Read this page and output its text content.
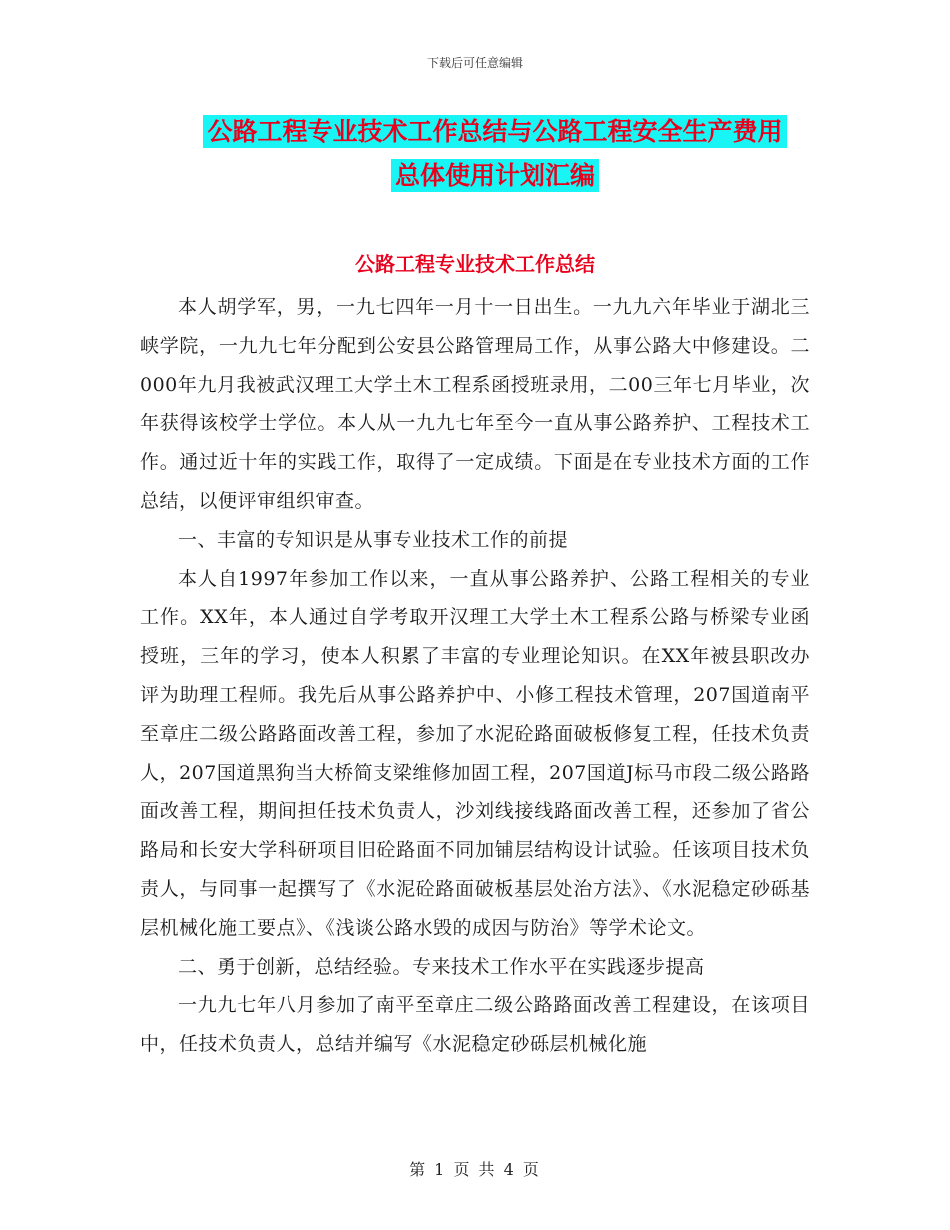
下载后可任意编辑
公路工程专业技术工作总结与公路工程安全生产费用
总体使用计划汇编
公路工程专业技术工作总结

本人胡学军，男，一九七四年一月十一日出生。一九九六年毕业于湖北三峡学院，一九九七年分配到公安县公路管理局工作，从事公路大中修建设。二000年九月我被武汉理工大学土木工程系函授班录用，二00三年七月毕业，次年获得该校学士学位。本人从一九九七年至今一直从事公路养护、工程技术工作。通过近十年的实践工作，取得了一定成绩。下面是在专业技术方面的工作总结，以便评审组织审查。

一、丰富的专知识是从事专业技术工作的前提

本人自1997年参加工作以来，一直从事公路养护、公路工程相关的专业工作。XX年，本人通过自学考取开汉理工大学土木工程系公路与桥梁专业函授班，三年的学习，使本人积累了丰富的专业理论知识。在XX年被县职改办评为助理工程师。我先后从事公路养护中、小修工程技术管理，207国道南平至章庄二级公路路面改善工程，参加了水泥砼路面破板修复工程，任技术负责人，207国道黑狗当大桥简支梁维修加固工程，207国道J标马市段二级公路路面改善工程，期间担任技术负责人，沙刘线接线路面改善工程，还参加了省公路局和长安大学科研项目旧砼路面不同加铺层结构设计试验。任该项目技术负责人，与同事一起撰写了《水泥砼路面破板基层处治方法》、《水泥稳定砂砾基层机械化施工要点》、《浅谈公路水毁的成因与防治》等学术论文。

二、勇于创新，总结经验。专来技术工作水平在实践逐步提高

一九九七年八月参加了南平至章庄二级公路路面改善工程建设，在该项目中，任技术负责人，总结并编写《水泥稳定砂砾层机械化施

第 1 页 共 4 页
